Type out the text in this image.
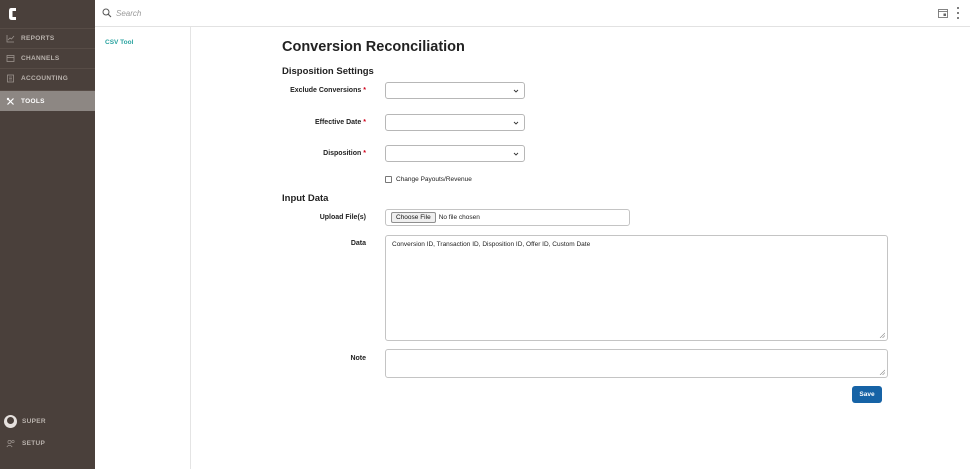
REPORTS
CHANNELS
ACCOUNTING
TOOLS
SUPER
SETUP
Search
CSV Tool	Conversion Reconciliation
Disposition Settings
Exclude Conversions *
Effective Date *
Disposition *
Change Payouts/Revenue
Input Data
Upload File(s)	Choose File	No file chosen
Data	Conversion ID, Transaction ID, Disposition ID, Offer ID, Custom Date
Note
Save
